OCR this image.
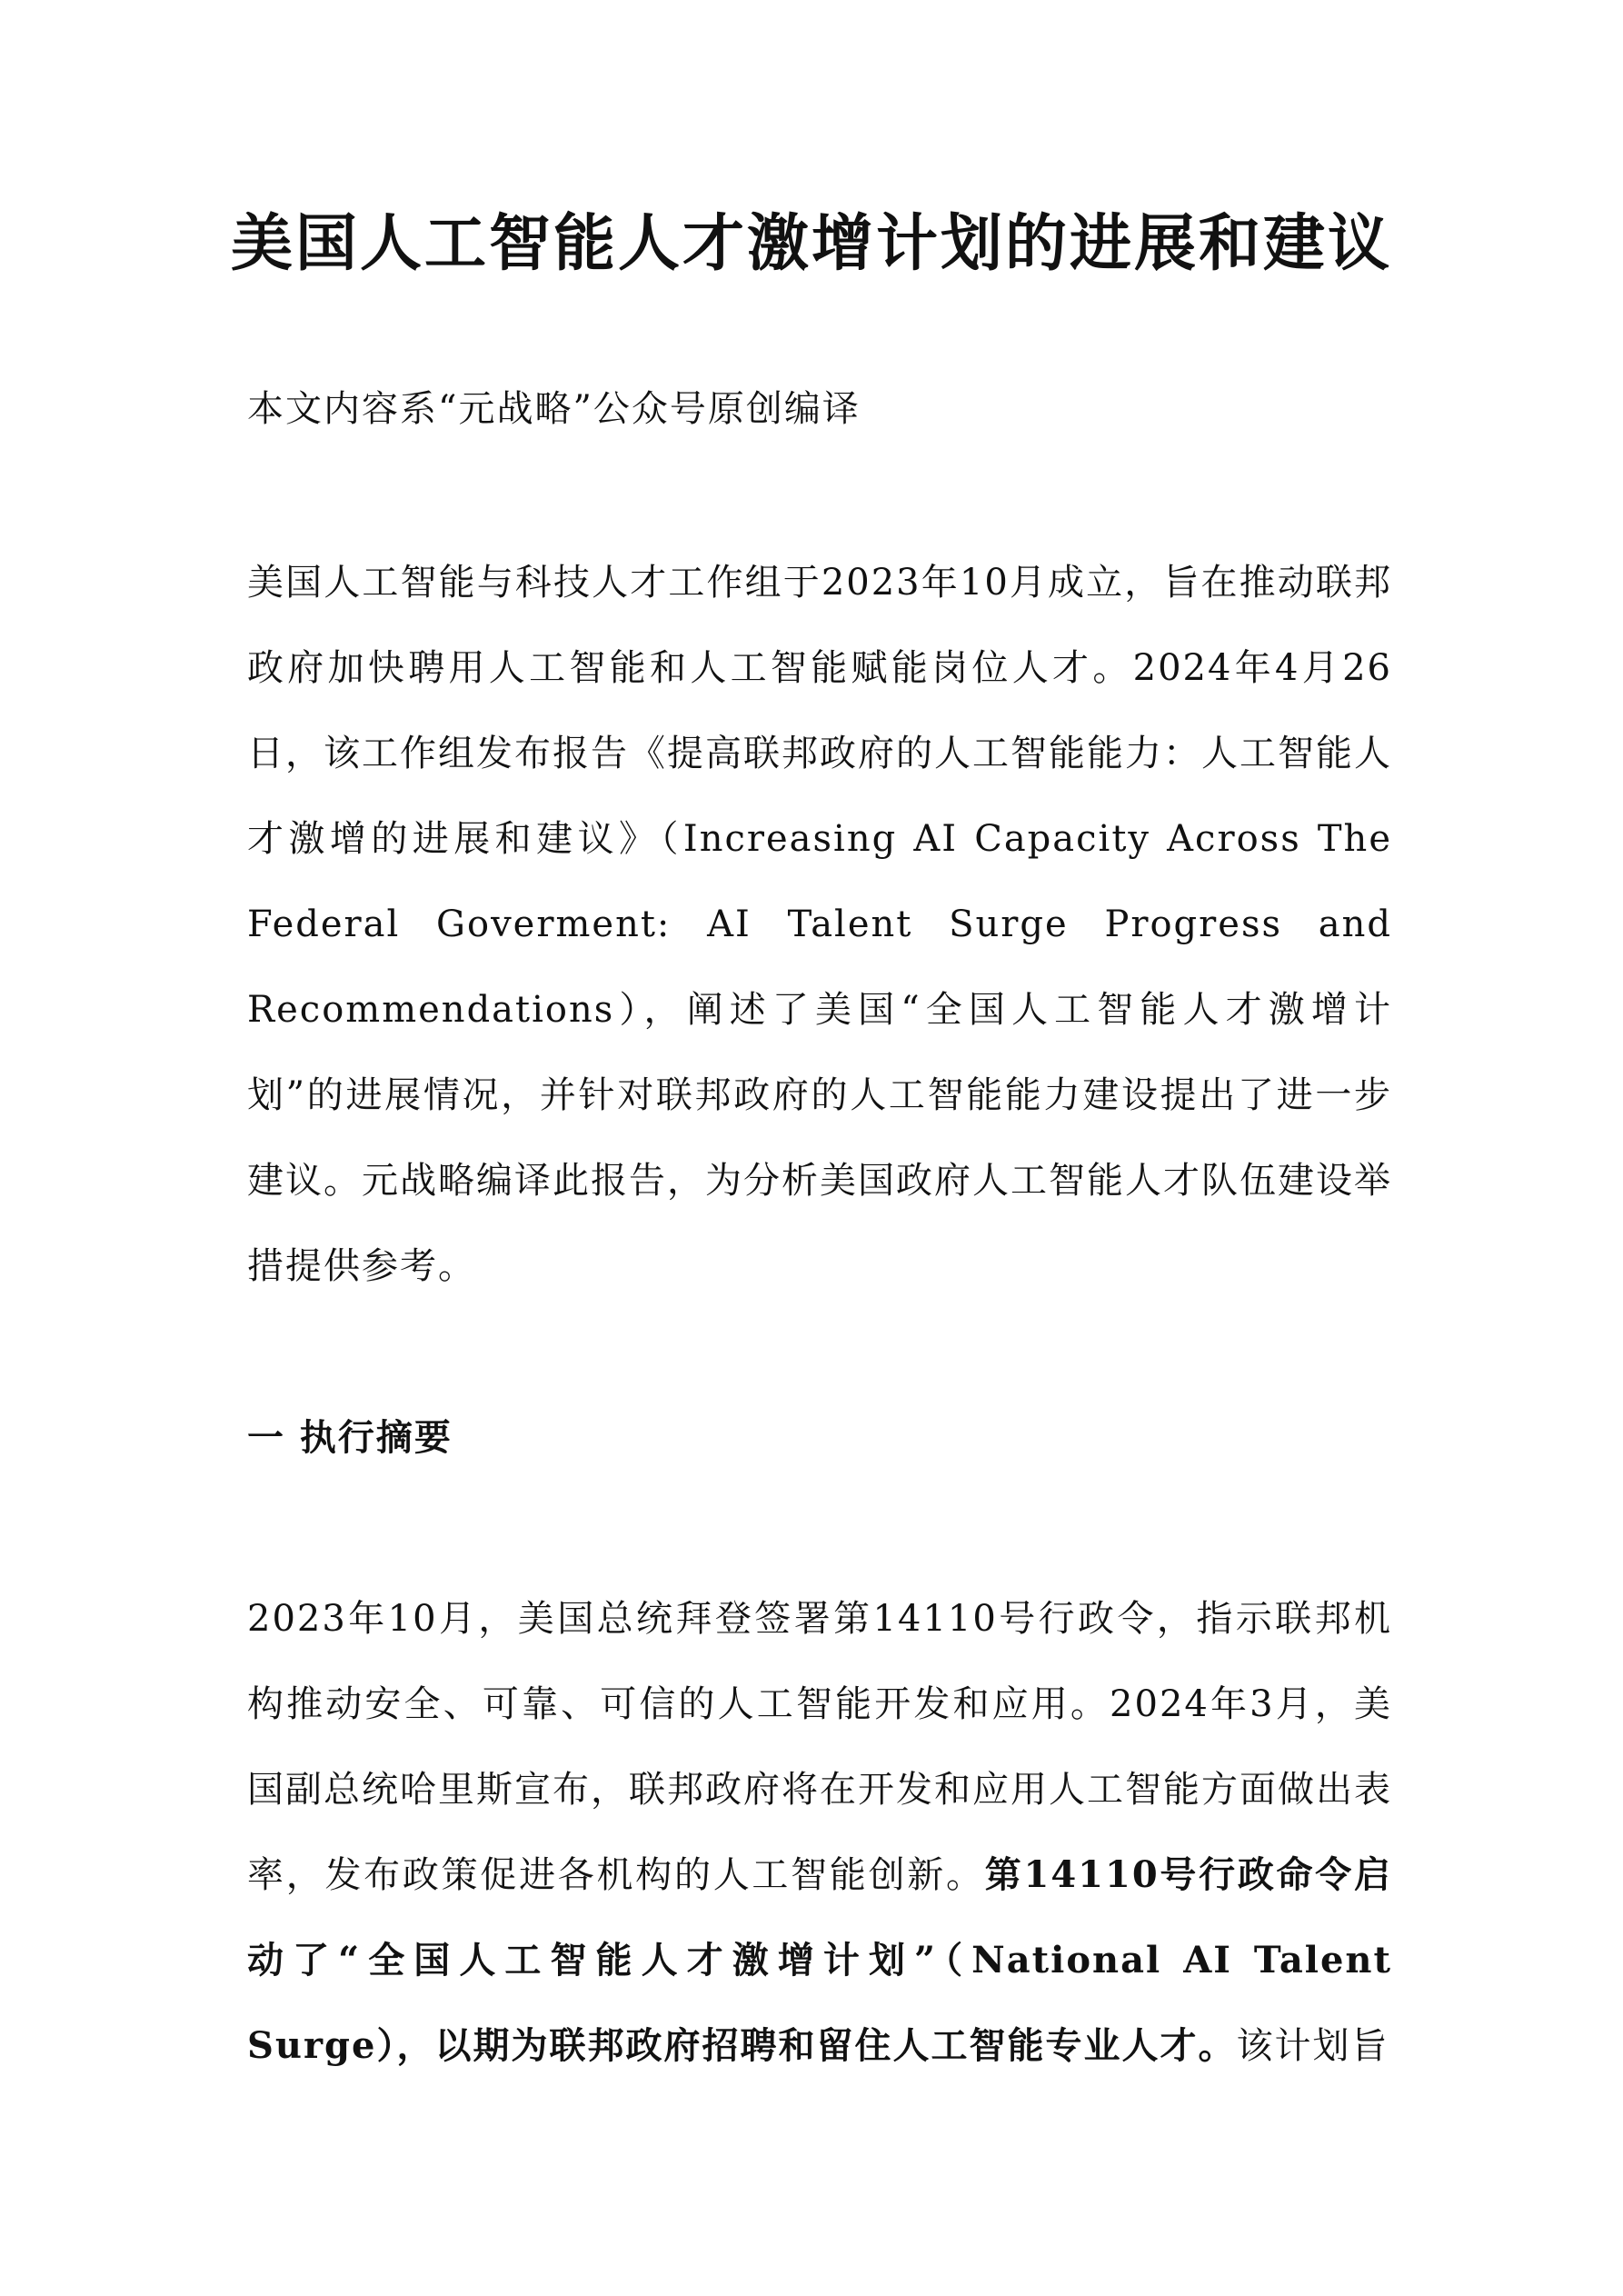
美国人工智能人才激增计划的进展和建议
本文内容系“元战略”公众号原创编译

美国人工智能与科技人才工作组于2023年10月成立，旨在推动联邦政府加快聘用人工智能和人工智能赋能岗位人才。2024年4月26日，该工作组发布报告《提高联邦政府的人工智能能力：人工智能人才激增的进展和建议》（Increasing AI Capacity Across The Federal Goverment: AI Talent Surge Progress and Recommendations），阐述了美国“全国人工智能人才激增计划”的进展情况，并针对联邦政府的人工智能能力建设提出了进一步建议。元战略编译此报告，为分析美国政府人工智能人才队伍建设举措提供参考。

一 执行摘要

2023年10月，美国总统拜登签署第14110号行政令，指示联邦机构推动安全、可靠、可信的人工智能开发和应用。2024年3月，美国副总统哈里斯宣布，联邦政府将在开发和应用人工智能方面做出表率，发布政策促进各机构的人工智能创新。第14110号行政命令启动了“全国人工智能人才激增计划”（National AI Talent Surge），以期为联邦政府招聘和留住人工智能专业人才。该计划旨
